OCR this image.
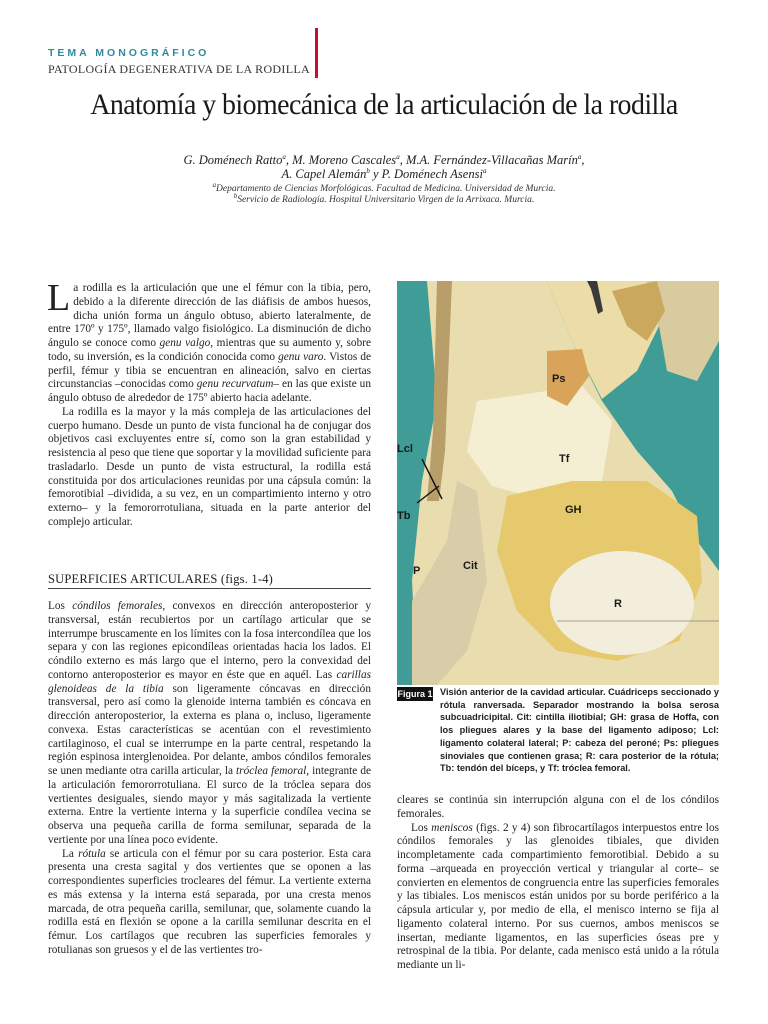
TEMA MONOGRÁFICO
PATOLOGÍA DEGENERATIVA DE LA RODILLA
Anatomía y biomecánica de la articulación de la rodilla
G. Doménech Ratto$^a$, M. Moreno Cascales$^a$, M.A. Fernández-Villacañas Marín$^a$,
A. Capel Alemán$^b$ y P. Doménech Asensi$^a$
$^a$Departamento de Ciencias Morfológicas. Facultad de Medicina. Universidad de Murcia.
$^b$Servicio de Radiología. Hospital Universitario Virgen de la Arrixaca. Murcia.

La rodilla es la articulación que une el fémur con la tibia, pero, debido a la diferente dirección de las diáfisis de ambos huesos, dicha unión forma un ángulo obtuso, abierto lateralmente, de entre 170º y 175º, llamado valgo fisiológico. La disminución de dicho ángulo se conoce como genu valgo, mientras que su aumento y, sobre todo, su inversión, es la condición conocida como genu varo. Vistos de perfil, fémur y tibia se encuentran en alineación, salvo en ciertas circunstancias –conocidas como genu recurvatum– en las que existe un ángulo obtuso de alrededor de 175º abierto hacia adelante.

La rodilla es la mayor y la más compleja de las articulaciones del cuerpo humano. Desde un punto de vista funcional ha de conjugar dos objetivos casi excluyentes entre sí, como son la gran estabilidad y resistencia al peso que tiene que soportar y la movilidad suficiente para trasladarlo. Desde un punto de vista estructural, la rodilla está constituida por dos articulaciones reunidas por una cápsula común: la femorotibial –dividida, a su vez, en un compartimiento interno y otro externo– y la femororrotuliana, situada en la parte anterior del complejo articular.

SUPERFICIES ARTICULARES (figs. 1-4)

Los cóndilos femorales, convexos en dirección anteroposterior y transversal, están recubiertos por un cartílago articular que se interrumpe bruscamente en los límites con la fosa intercondílea que los separa y con las regiones epicondíleas orientadas hacia los lados. El cóndilo externo es más largo que el interno, pero la convexidad del contorno anteroposterior es mayor en éste que en aquél. Las carillas glenoideas de la tibia son ligeramente cóncavas en dirección transversal, pero así como la glenoide interna también es cóncava en dirección anteroposterior, la externa es plana o, incluso, ligeramente convexa. Estas características se acentúan con el revestimiento cartilaginoso, el cual se interrumpe en la parte central, respetando la región espinosa interglenoidea. Por delante, ambos cóndilos femorales se unen mediante otra carilla articular, la tróclea femoral, integrante de la articulación femororrotuliana. El surco de la tróclea separa dos vertientes desiguales, siendo mayor y más sagitalizada la vertiente externa. Entre la vertiente interna y la superficie condílea vecina se observa una pequeña carilla de forma semilunar, separada de la vertiente por una línea poco evidente.

La rótula se articula con el fémur por su cara posterior. Esta cara presenta una cresta sagital y dos vertientes que se oponen a las correspondientes superficies trocleares del fémur. La vertiente externa es más extensa y la interna está separada, por una cresta menos marcada, de otra pequeña carilla, semilunar, que, solamente cuando la rodilla está en flexión se opone a la carilla semilunar descrita en el fémur. Los cartílagos que recubren las superficies femorales y rotulianas son gruesos y el de las vertientes tro-

Ps
Lcl
Tf
Tb	GH
P	Cit
R
Figura 1 Visión anterior de la cavidad articular. Cuádriceps seccionado y rótula ranversada. Separador mostrando la bolsa serosa subcuadricipital. Cit: cintilla iliotibial; GH: grasa de Hoffa, con los pliegues alares y la base del ligamento adiposo; Lcl: ligamento colateral lateral; P: cabeza del peroné; Ps: pliegues sinoviales que contienen grasa; R: cara posterior de la rótula; Tb: tendón del bíceps, y Tf: tróclea femoral.

cleares se continúa sin interrupción alguna con el de los cóndilos femorales.

Los meniscos (figs. 2 y 4) son fibrocartílagos interpuestos entre los cóndilos femorales y las glenoides tibiales, que dividen incompletamente cada compartimiento femorotibial. Debido a su forma –arqueada en proyección vertical y triangular al corte– se convierten en elementos de congruencia entre las superficies femorales y las tibiales. Los meniscos están unidos por su borde periférico a la cápsula articular y, por medio de ella, el menisco interno se fija al ligamento colateral interno. Por sus cuernos, ambos meniscos se insertan, mediante ligamentos, en las superficies óseas pre y retrospinal de la tibia. Por delante, cada menisco está unido a la rótula mediante un li-
